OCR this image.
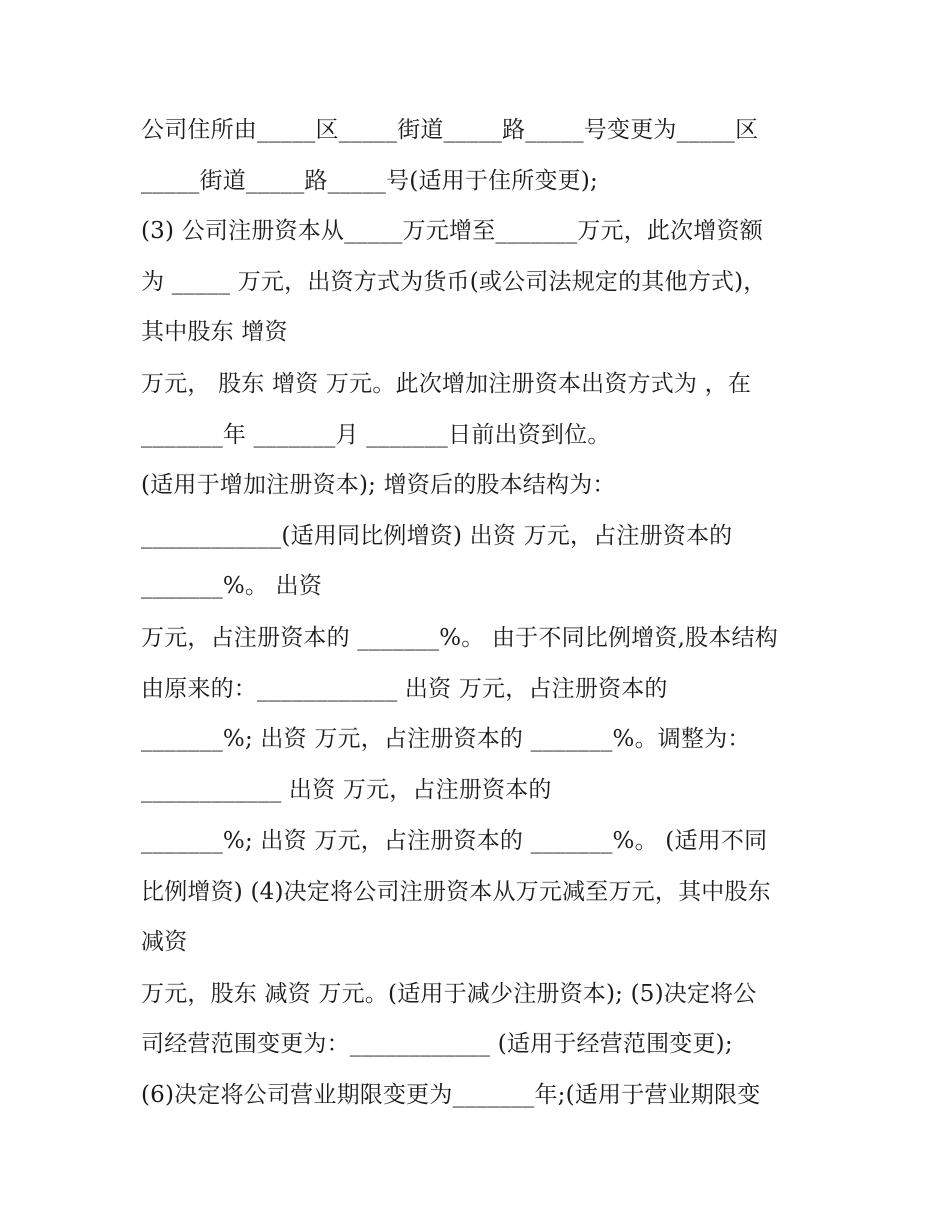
公司住所由_____区_____街道_____路_____号变更为_____区
_____街道_____路_____号(适用于住所变更);
(3) 公司注册资本从_____万元增至_______万元，此次增资额
为 _____ 万元，出资方式为货币(或公司法规定的其他方式)，
其中股东 增资
万元， 股东 增资 万元。此次增加注册资本出资方式为 ，在
_______年 _______月 _______日前出资到位。
(适用于增加注册资本); 增资后的股本结构为：
____________(适用同比例增资) 出资 万元，占注册资本的
_______%。 出资
万元，占注册资本的 _______%。 由于不同比例增资,股本结构
由原来的：____________ 出资 万元，占注册资本的
_______%; 出资 万元，占注册资本的 _______%。调整为：
____________ 出资 万元，占注册资本的
_______%; 出资 万元，占注册资本的 _______%。 (适用不同
比例增资) (4)决定将公司注册资本从万元减至万元，其中股东
减资
万元，股东 减资 万元。(适用于减少注册资本); (5)决定将公
司经营范围变更为：____________ (适用于经营范围变更);
(6)决定将公司营业期限变更为_______年;(适用于营业期限变
